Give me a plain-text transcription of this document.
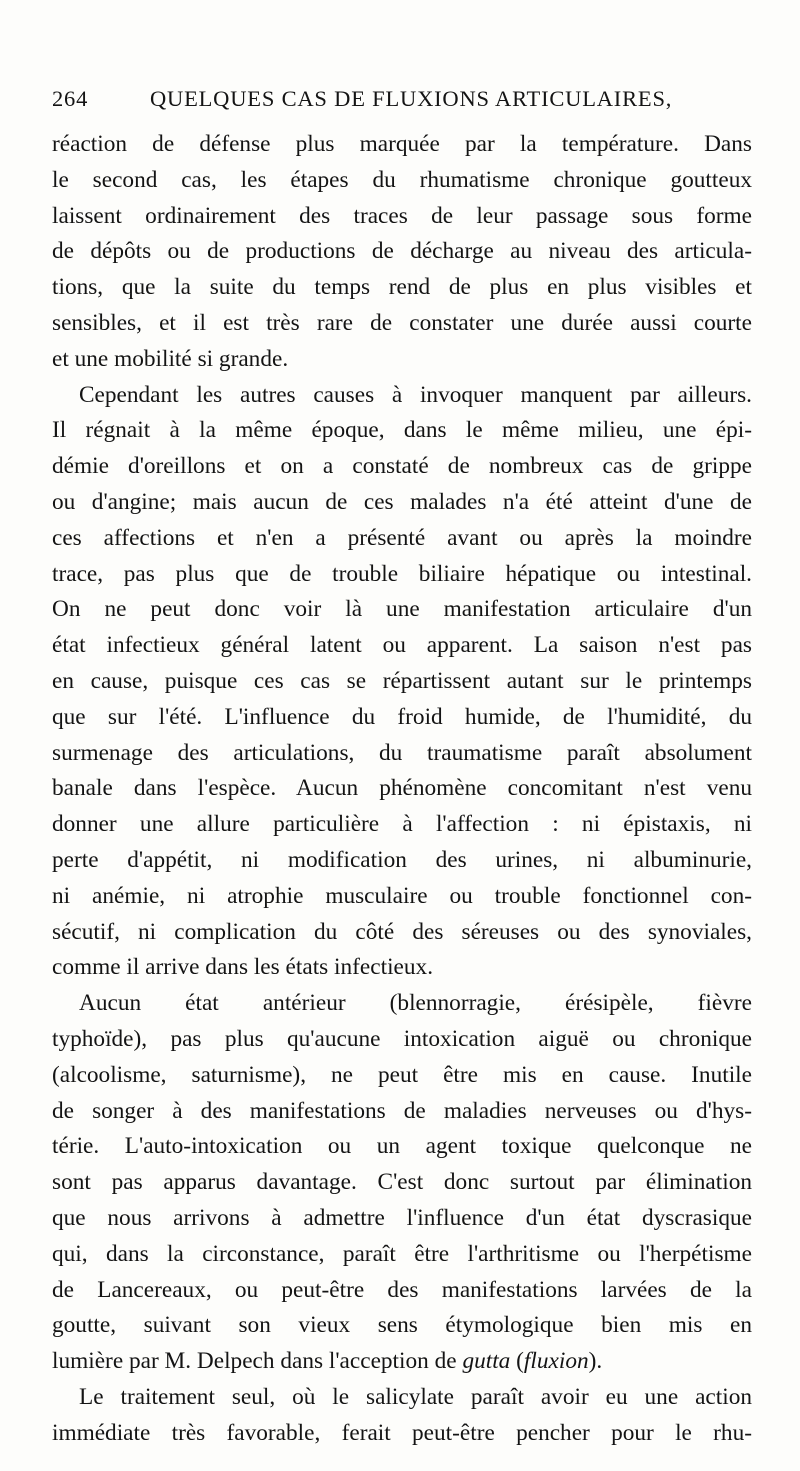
264	QUELQUES CAS DE FLUXIONS ARTICULAIRES,
réaction de défense plus marquée par la température. Dans
le second cas, les étapes du rhumatisme chronique goutteux
laissent ordinairement des traces de leur passage sous forme
de dépôts ou de productions de décharge au niveau des articula-
tions, que la suite du temps rend de plus en plus visibles et
sensibles, et il est très rare de constater une durée aussi courte
et une mobilité si grande.
Cependant les autres causes à invoquer manquent par ailleurs.
Il régnait à la même époque, dans le même milieu, une épi-
démie d'oreillons et on a constaté de nombreux cas de grippe
ou d'angine; mais aucun de ces malades n'a été atteint d'une de
ces affections et n'en a présenté avant ou après la moindre
trace, pas plus que de trouble biliaire hépatique ou intestinal.
On ne peut donc voir là une manifestation articulaire d'un
état infectieux général latent ou apparent. La saison n'est pas
en cause, puisque ces cas se répartissent autant sur le printemps
que sur l'été. L'influence du froid humide, de l'humidité, du
surmenage des articulations, du traumatisme paraît absolument
banale dans l'espèce. Aucun phénomène concomitant n'est venu
donner une allure particulière à l'affection : ni épistaxis, ni
perte d'appétit, ni modification des urines, ni albuminurie,
ni anémie, ni atrophie musculaire ou trouble fonctionnel con-
sécutif, ni complication du côté des séreuses ou des synoviales,
comme il arrive dans les états infectieux.
Aucun état antérieur (blennorragie, érésipèle, fièvre
typhoïde), pas plus qu'aucune intoxication aiguë ou chronique
(alcoolisme, saturnisme), ne peut être mis en cause. Inutile
de songer à des manifestations de maladies nerveuses ou d'hys-
térie. L'auto-intoxication ou un agent toxique quelconque ne
sont pas apparus davantage. C'est donc surtout par élimination
que nous arrivons à admettre l'influence d'un état dyscrasique
qui, dans la circonstance, paraît être l'arthritisme ou l'herpétisme
de Lancereaux, ou peut-être des manifestations larvées de la
goutte, suivant son vieux sens étymologique bien mis en
lumière par M. Delpech dans l'acception de gutta (fluxion).
Le traitement seul, où le salicylate paraît avoir eu une action
immédiate très favorable, ferait peut-être pencher pour le rhu-
